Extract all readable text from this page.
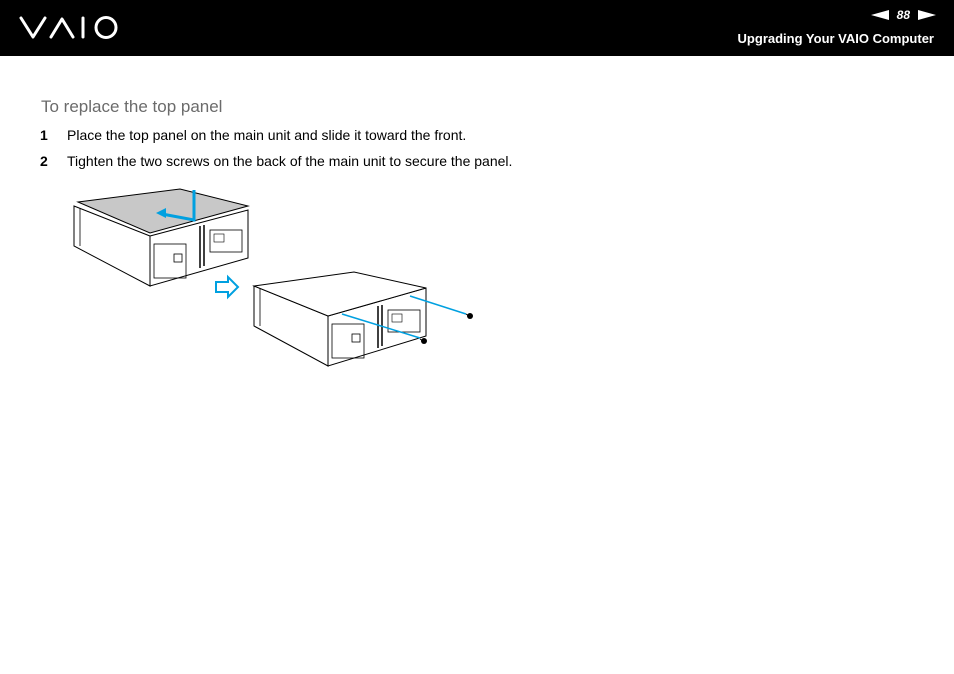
88
Upgrading Your VAIO Computer
To replace the top panel
1 Place the top panel on the main unit and slide it toward the front.
2 Tighten the two screws on the back of the main unit to secure the panel.
